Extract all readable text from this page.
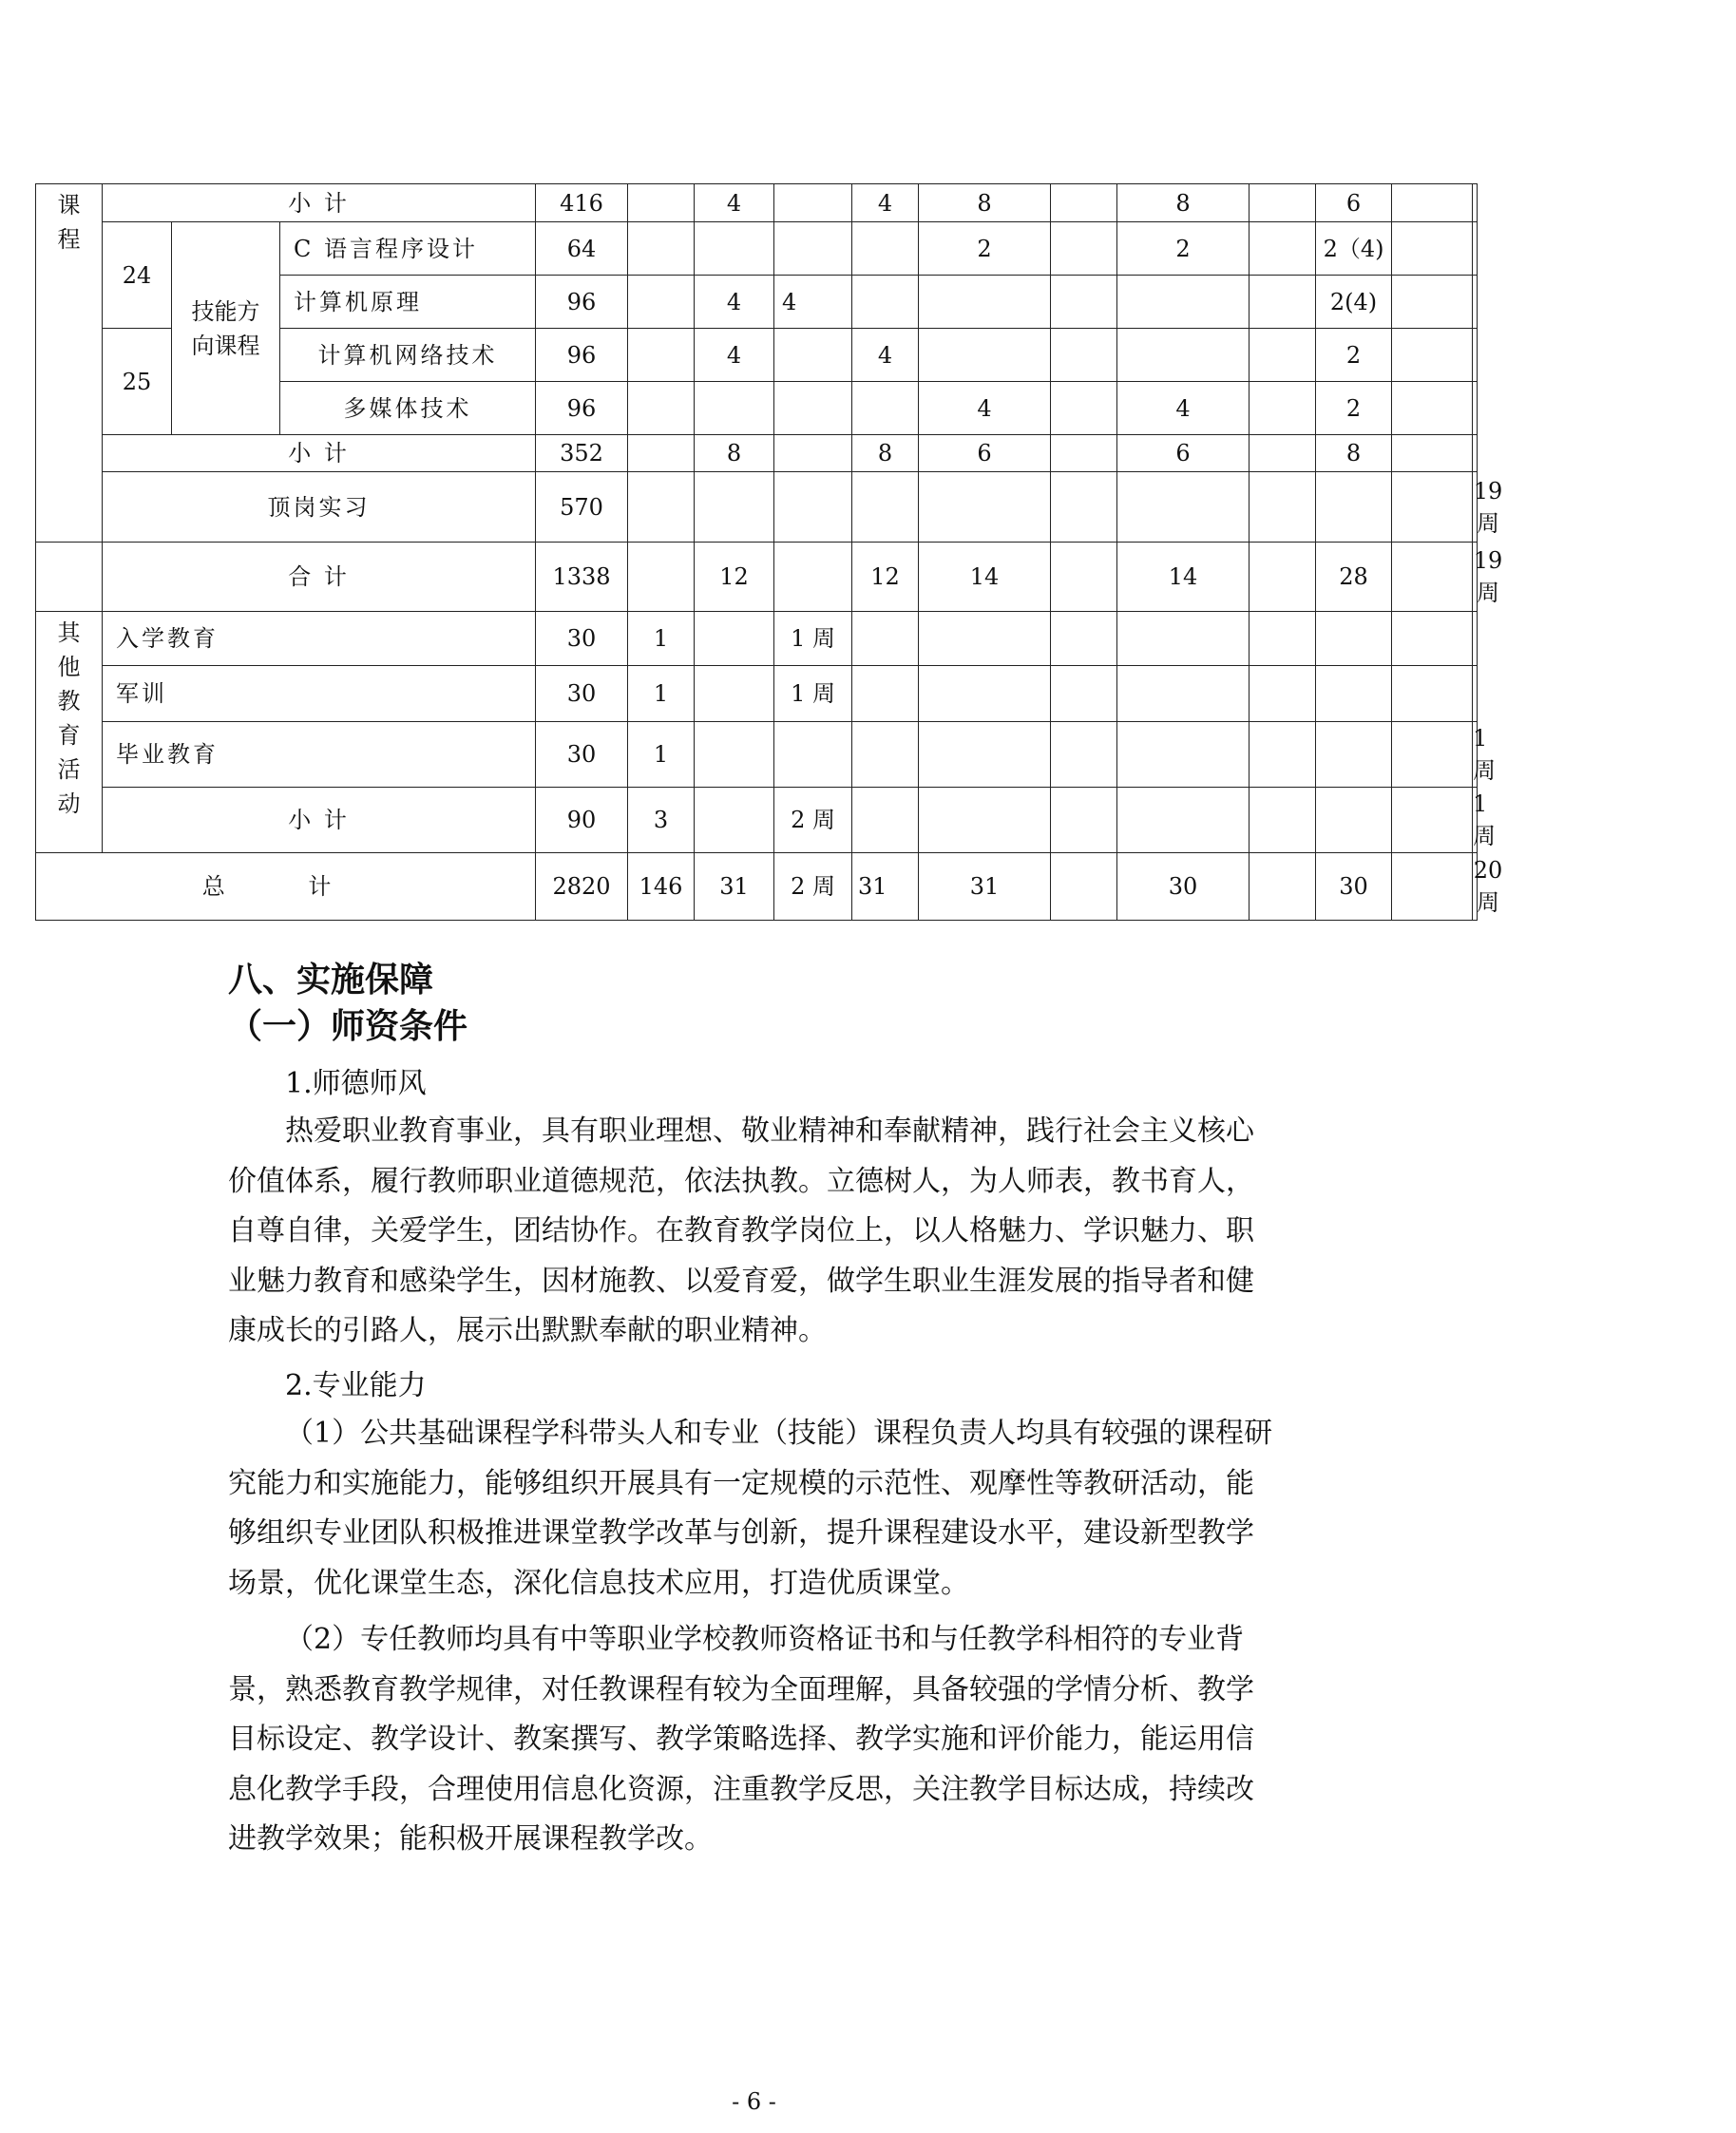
课程	小 计			416		4		4	8		8		6		
	24	技能方向课程	C 语言程序设计	64					2		2		2（4)		
			计算机原理	96		4	4						2(4)		
	25		计算机网络技术	96		4		4					2		
			多媒体技术	96					4		4		2		
	小 计			352		8		8	6		6		8		
	顶岗实习			570											19周
	合 计			1338		12		12	14		14		28		19周
其他教育活动	入学教育			30	1		1 周								
	军训			30	1		1 周								
	毕业教育			30	1										1 周
	小 计			90	3		2 周								1 周
总 计				2820	146	31	2 周	31	31		30		30		20周
八、实施保障
（一）师资条件
1.师德师风

热爱职业教育事业，具有职业理想、敬业精神和奉献精神，践行社会主义核心价值体系，履行教师职业道德规范，依法执教。立德树人，为人师表，教书育人，自尊自律，关爱学生，团结协作。在教育教学岗位上，以人格魅力、学识魅力、职业魅力教育和感染学生，因材施教、以爱育爱，做学生职业生涯发展的指导者和健康成长的引路人，展示出默默奉献的职业精神。

2.专业能力

（1）公共基础课程学科带头人和专业（技能）课程负责人均具有较强的课程研究能力和实施能力，能够组织开展具有一定规模的示范性、观摩性等教研活动，能够组织专业团队积极推进课堂教学改革与创新，提升课程建设水平，建设新型教学场景，优化课堂生态，深化信息技术应用，打造优质课堂。

（2）专任教师均具有中等职业学校教师资格证书和与任教学科相符的专业背景，熟悉教育教学规律，对任教课程有较为全面理解，具备较强的学情分析、教学目标设定、教学设计、教案撰写、教学策略选择、教学实施和评价能力，能运用信息化教学手段，合理使用信息化资源，注重教学反思，关注教学目标达成，持续改进教学效果；能积极开展课程教学改。

- 6 -
